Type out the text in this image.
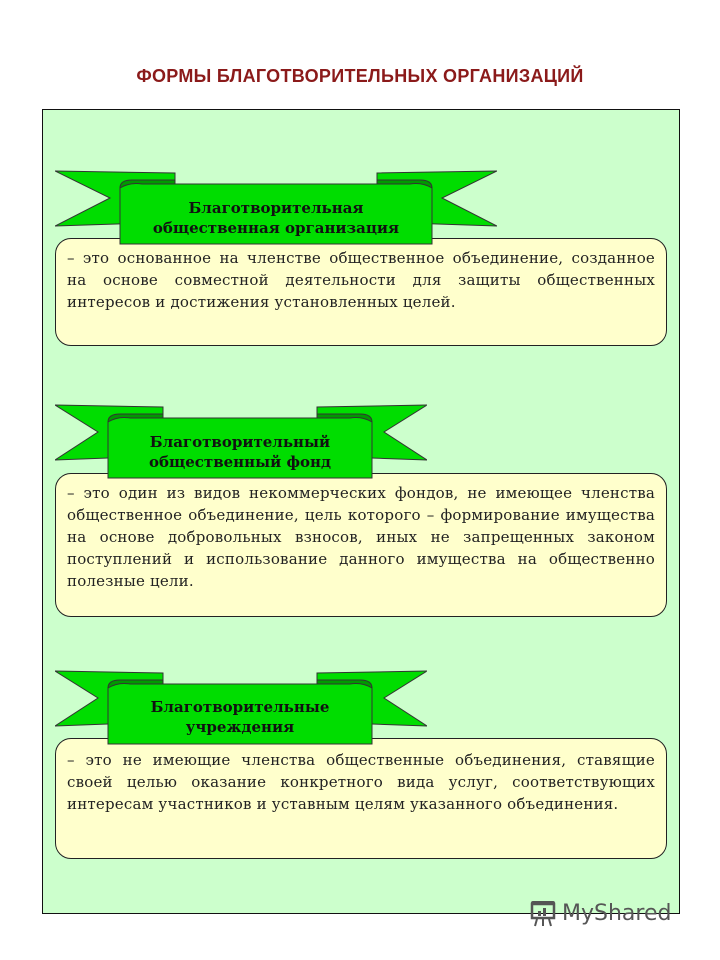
ФОРМЫ БЛАГОТВОРИТЕЛЬНЫХ ОРГАНИЗАЦИЙ
– это основанное на членстве общественное объединение, созданное на основе совместной деятельности для защиты общественных интересов и достижения установленных целей.
– это один из видов некоммерческих фондов, не имеющее членства общественное объединение, цель которого – формирование имущества на основе добровольных взносов, иных не запрещенных законом поступлений и использование данного имущества на общественно полезные цели.
– это не имеющие членства общественные объединения, ставящие своей целью оказание конкретного вида услуг, соответствующих интересам участников и уставным целям указанного объединения.
Благотворительная общественная организация
Благотворительный общественный фонд
Благотворительные учреждения
MyShared
